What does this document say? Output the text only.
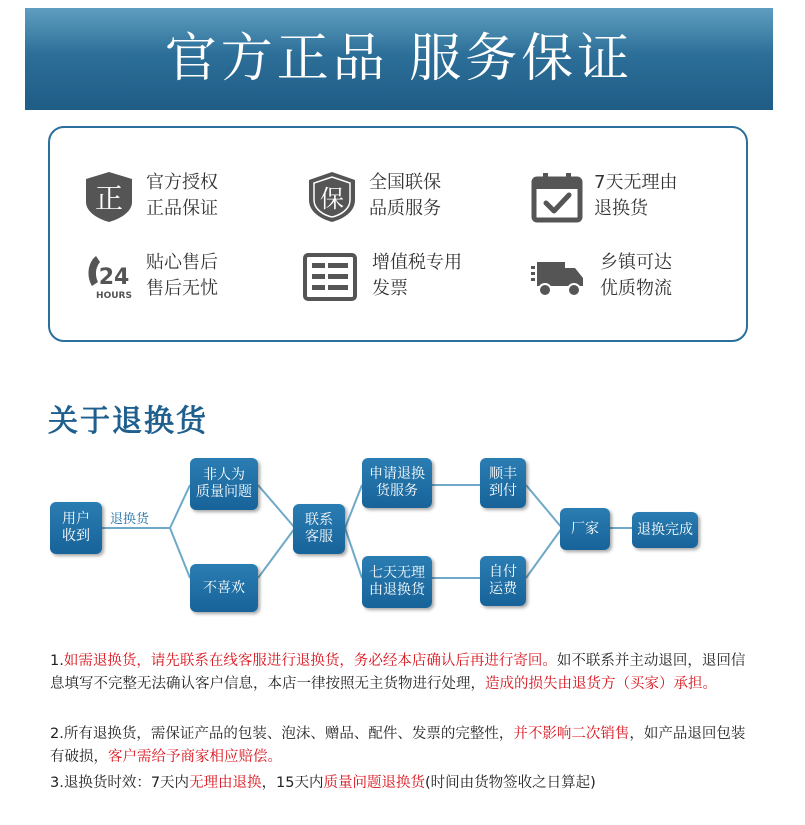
官方正品 服务保证
正 官方授权
正品保证	保
全国联保
品质服务
7天无理由
退换货
24
HOURS
贴心售后
售后无忧
增值税专用
发票
乡镇可达
优质物流
关于退换货
退换货
用户
收到
非人为
质量问题
不喜欢
联系
客服
申请退换
货服务
七天无理
由退换货
顺丰
到付
自付
运费
厂家	退换完成
1.如需退换货，请先联系在线客服进行退换货，务必经本店确认后再进行寄回。如不联系并主动退回，退回信息填写不完整无法确认客户信息，本店一律按照无主货物进行处理，造成的损失由退货方（买家）承担。
2.所有退换货，需保证产品的包装、泡沫、赠品、配件、发票的完整性，并不影响二次销售，如产品退回包装有破损，客户需给予商家相应赔偿。
3.退换货时效：7天内无理由退换，15天内质量问题退换货(时间由货物签收之日算起)
